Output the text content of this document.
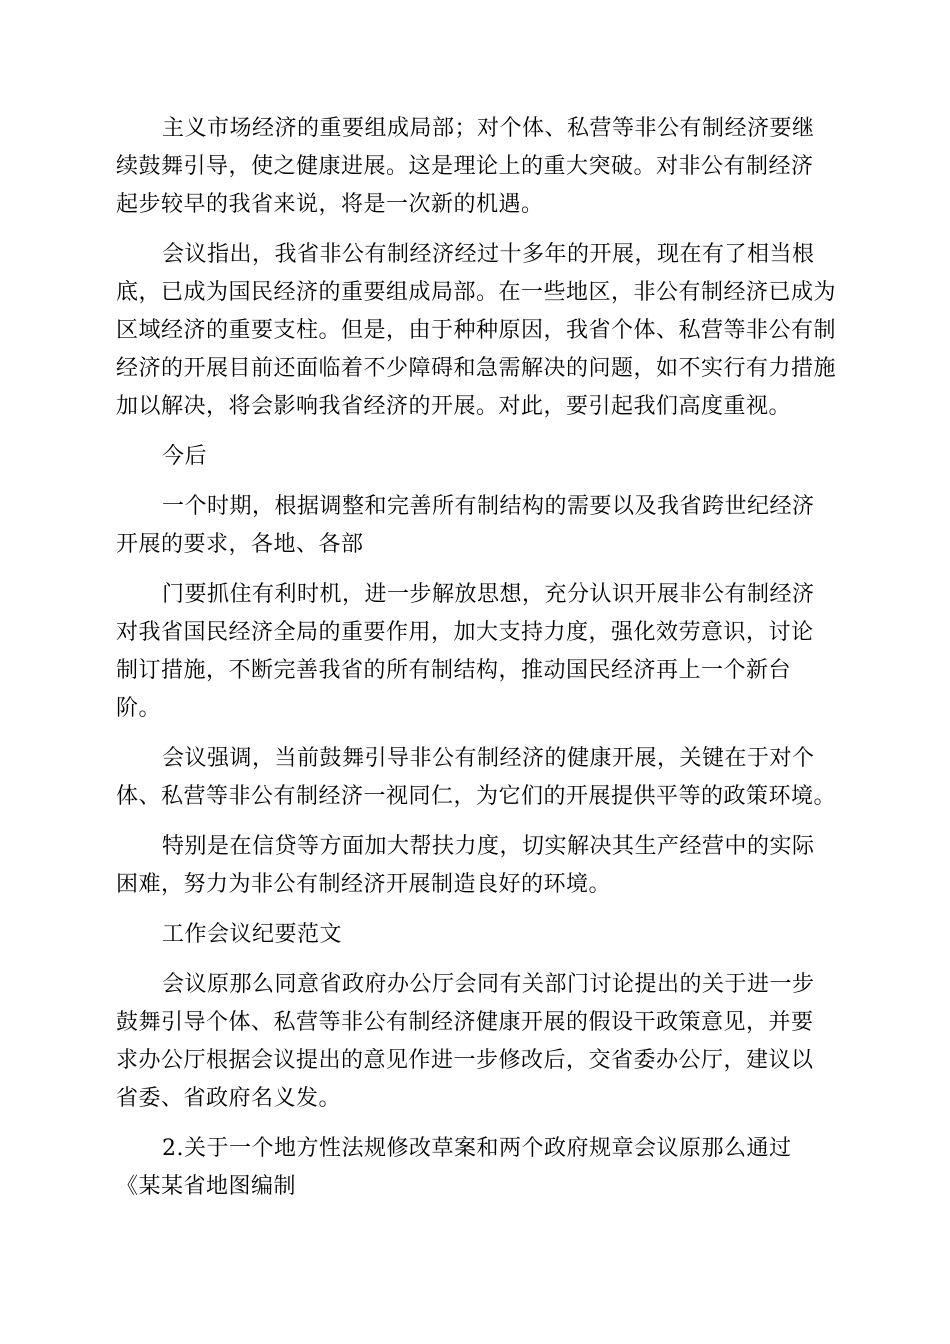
主义市场经济的重要组成局部；对个体、私营等非公有制经济要继续鼓舞引导，使之健康进展。这是理论上的重大突破。对非公有制经济起步较早的我省来说，将是一次新的机遇。

会议指出，我省非公有制经济经过十多年的开展，现在有了相当根底，已成为国民经济的重要组成局部。在一些地区，非公有制经济已成为区域经济的重要支柱。但是，由于种种原因，我省个体、私营等非公有制经济的开展目前还面临着不少障碍和急需解决的问题，如不实行有力措施加以解决，将会影响我省经济的开展。对此，要引起我们高度重视。

今后

一个时期，根据调整和完善所有制结构的需要以及我省跨世纪经济开展的要求，各地、各部

门要抓住有利时机，进一步解放思想，充分认识开展非公有制经济对我省国民经济全局的重要作用，加大支持力度，强化效劳意识，讨论制订措施，不断完善我省的所有制结构，推动国民经济再上一个新台阶。

会议强调，当前鼓舞引导非公有制经济的健康开展，关键在于对个体、私营等非公有制经济一视同仁，为它们的开展提供平等的政策环境。

特别是在信贷等方面加大帮扶力度，切实解决其生产经营中的实际困难，努力为非公有制经济开展制造良好的环境。

工作会议纪要范文

会议原那么同意省政府办公厅会同有关部门讨论提出的关于进一步鼓舞引导个体、私营等非公有制经济健康开展的假设干政策意见，并要求办公厅根据会议提出的意见作进一步修改后，交省委办公厅，建议以省委、省政府名义发。

2.关于一个地方性法规修改草案和两个政府规章会议原那么通过《某某省地图编制
